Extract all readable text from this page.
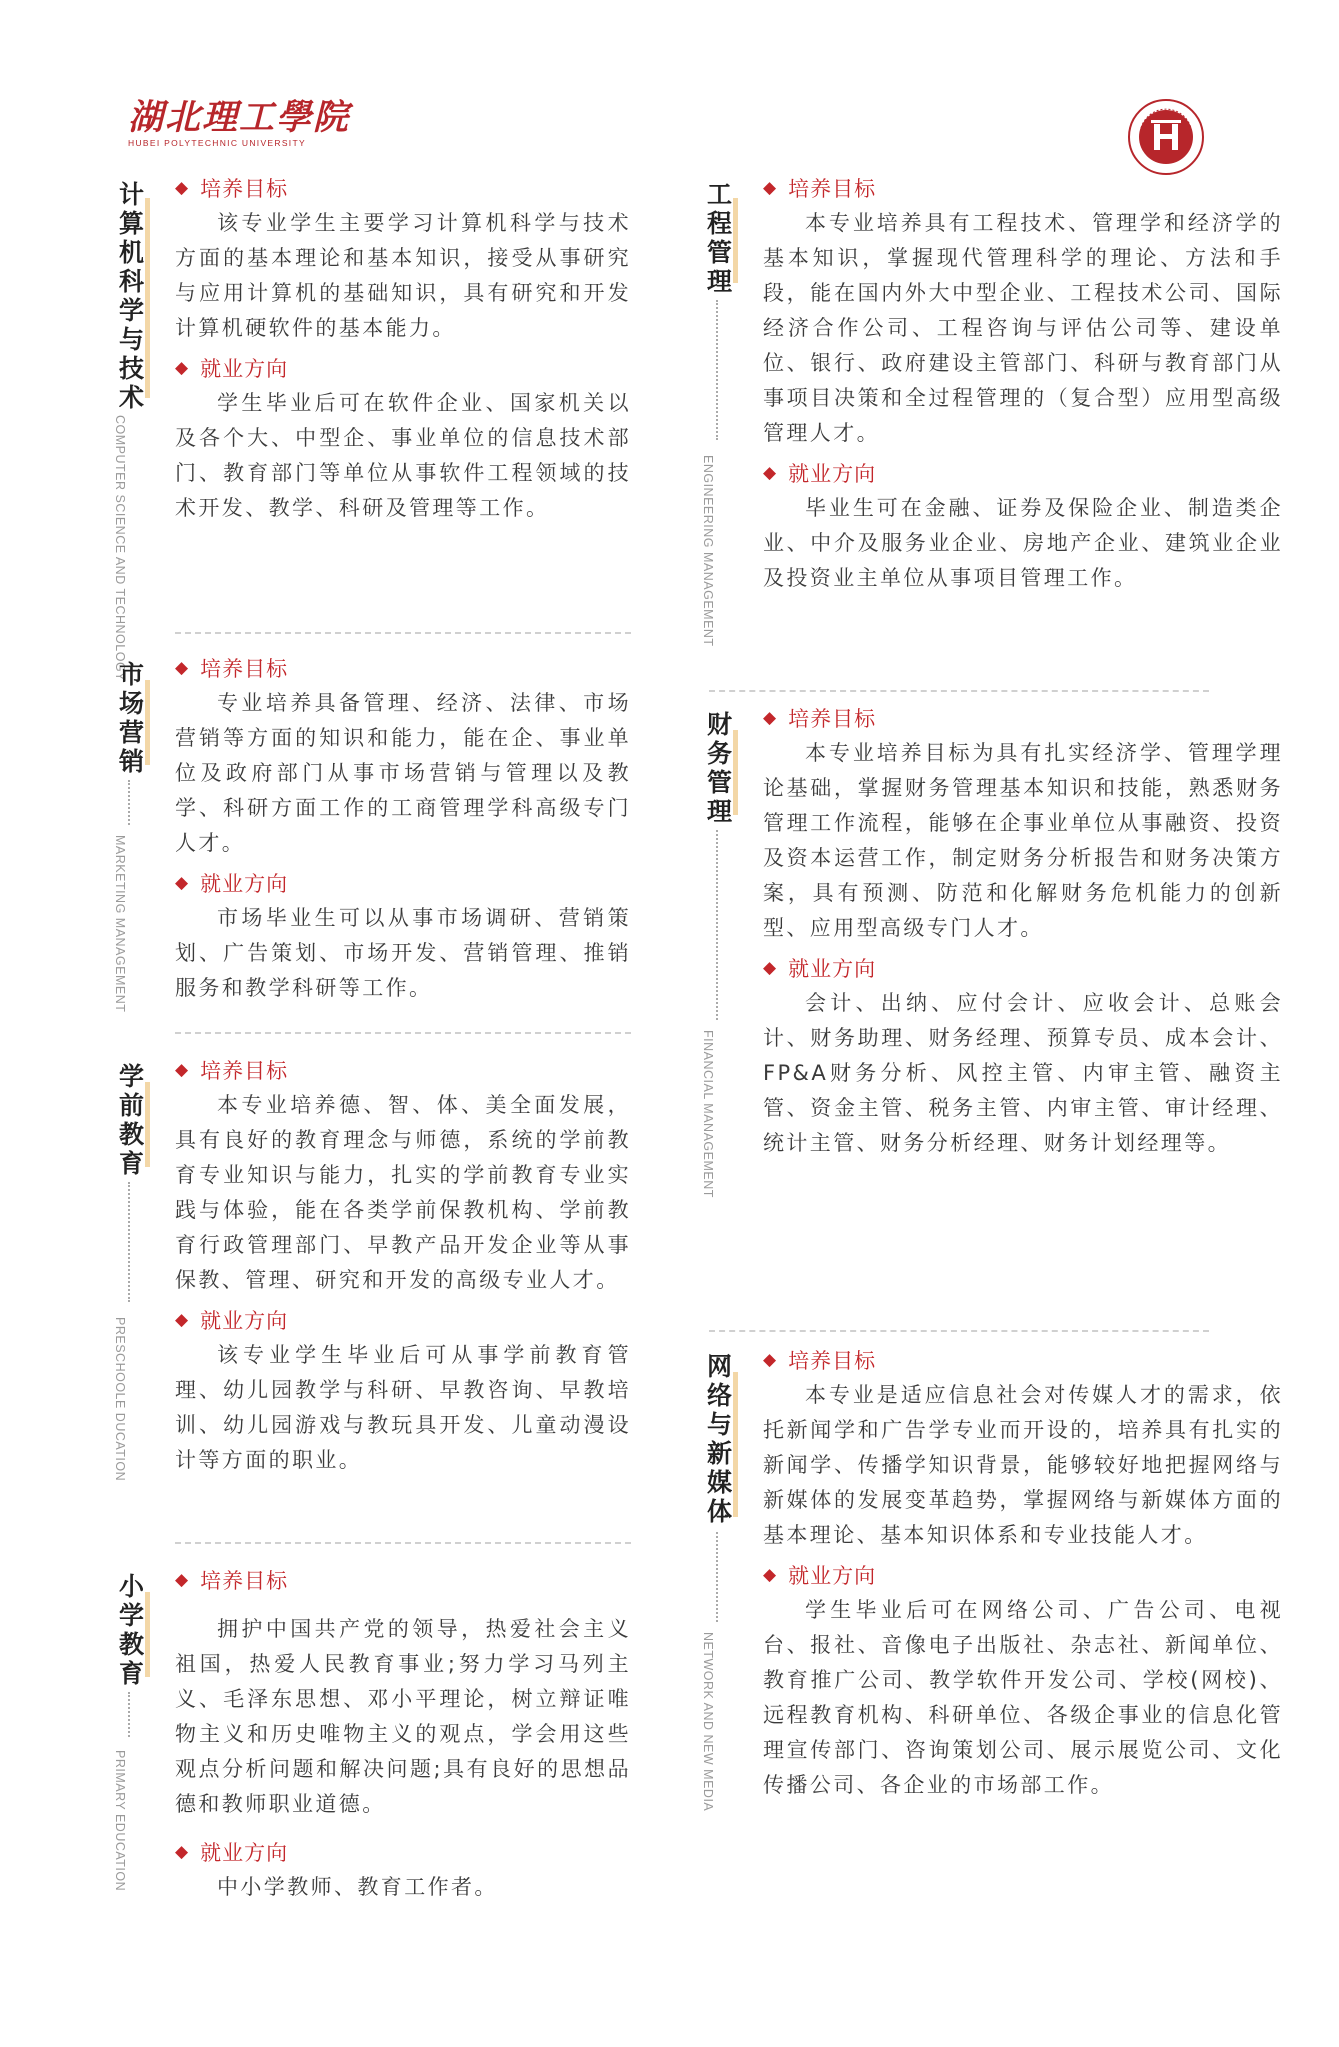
湖北理工學院
HUBEI POLYTECHNIC UNIVERSITY
计算机科学与技术
COMPUTER SCIENCE AND TECHNOLOGY
◆ 培养目标

该专业学生主要学习计算机科学与技术方面的基本理论和基本知识，接受从事研究与应用计算机的基础知识，具有研究和开发计算机硬软件的基本能力。

◆ 就业方向

学生毕业后可在软件企业、国家机关以及各个大、中型企、事业单位的信息技术部门、教育部门等单位从事软件工程领域的技术开发、教学、科研及管理等工作。

市场营销
MARKETING MANAGEMENT
◆ 培养目标

专业培养具备管理、经济、法律、市场营销等方面的知识和能力，能在企、事业单位及政府部门从事市场营销与管理以及教学、科研方面工作的工商管理学科高级专门人才。

◆ 就业方向

市场毕业生可以从事市场调研、营销策划、广告策划、市场开发、营销管理、推销服务和教学科研等工作。

学前教育
PRESCHOOLE DUCATION
◆ 培养目标

本专业培养德、智、体、美全面发展，具有良好的教育理念与师德，系统的学前教育专业知识与能力，扎实的学前教育专业实践与体验，能在各类学前保教机构、学前教育行政管理部门、早教产品开发企业等从事保教、管理、研究和开发的高级专业人才。

◆ 就业方向

该专业学生毕业后可从事学前教育管理、幼儿园教学与科研、早教咨询、早教培训、幼儿园游戏与教玩具开发、儿童动漫设计等方面的职业。

小学教育
PRIMARY EDUCATION
◆ 培养目标

拥护中国共产党的领导，热爱社会主义祖国，热爱人民教育事业;努力学习马列主义、毛泽东思想、邓小平理论，树立辩证唯物主义和历史唯物主义的观点，学会用这些观点分析问题和解决问题;具有良好的思想品德和教师职业道德。

◆ 就业方向

中小学教师、教育工作者。

工程管理
ENGINEERING MANAGEMENT
◆ 培养目标

本专业培养具有工程技术、管理学和经济学的基本知识，掌握现代管理科学的理论、方法和手段，能在国内外大中型企业、工程技术公司、国际经济合作公司、工程咨询与评估公司等、建设单位、银行、政府建设主管部门、科研与教育部门从事项目决策和全过程管理的（复合型）应用型高级管理人才。

◆ 就业方向

毕业生可在金融、证券及保险企业、制造类企业、中介及服务业企业、房地产企业、建筑业企业及投资业主单位从事项目管理工作。

财务管理
FINANCIAL MANAGEMENT
◆ 培养目标

本专业培养目标为具有扎实经济学、管理学理论基础，掌握财务管理基本知识和技能，熟悉财务管理工作流程，能够在企事业单位从事融资、投资及资本运营工作，制定财务分析报告和财务决策方案，具有预测、防范和化解财务危机能力的创新型、应用型高级专门人才。

◆ 就业方向

会计、出纳、应付会计、应收会计、总账会计、财务助理、财务经理、预算专员、成本会计、FP&A财务分析、风控主管、内审主管、融资主管、资金主管、税务主管、内审主管、审计经理、统计主管、财务分析经理、财务计划经理等。

网络与新媒体
NETWORK AND NEW MEDIA
◆ 培养目标

本专业是适应信息社会对传媒人才的需求，依托新闻学和广告学专业而开设的，培养具有扎实的新闻学、传播学知识背景，能够较好地把握网络与新媒体的发展变革趋势，掌握网络与新媒体方面的基本理论、基本知识体系和专业技能人才。

◆ 就业方向

学生毕业后可在网络公司、广告公司、电视台、报社、音像电子出版社、杂志社、新闻单位、教育推广公司、教学软件开发公司、学校(网校)、远程教育机构、科研单位、各级企事业的信息化管理宣传部门、咨询策划公司、展示展览公司、文化传播公司、各企业的市场部工作。
